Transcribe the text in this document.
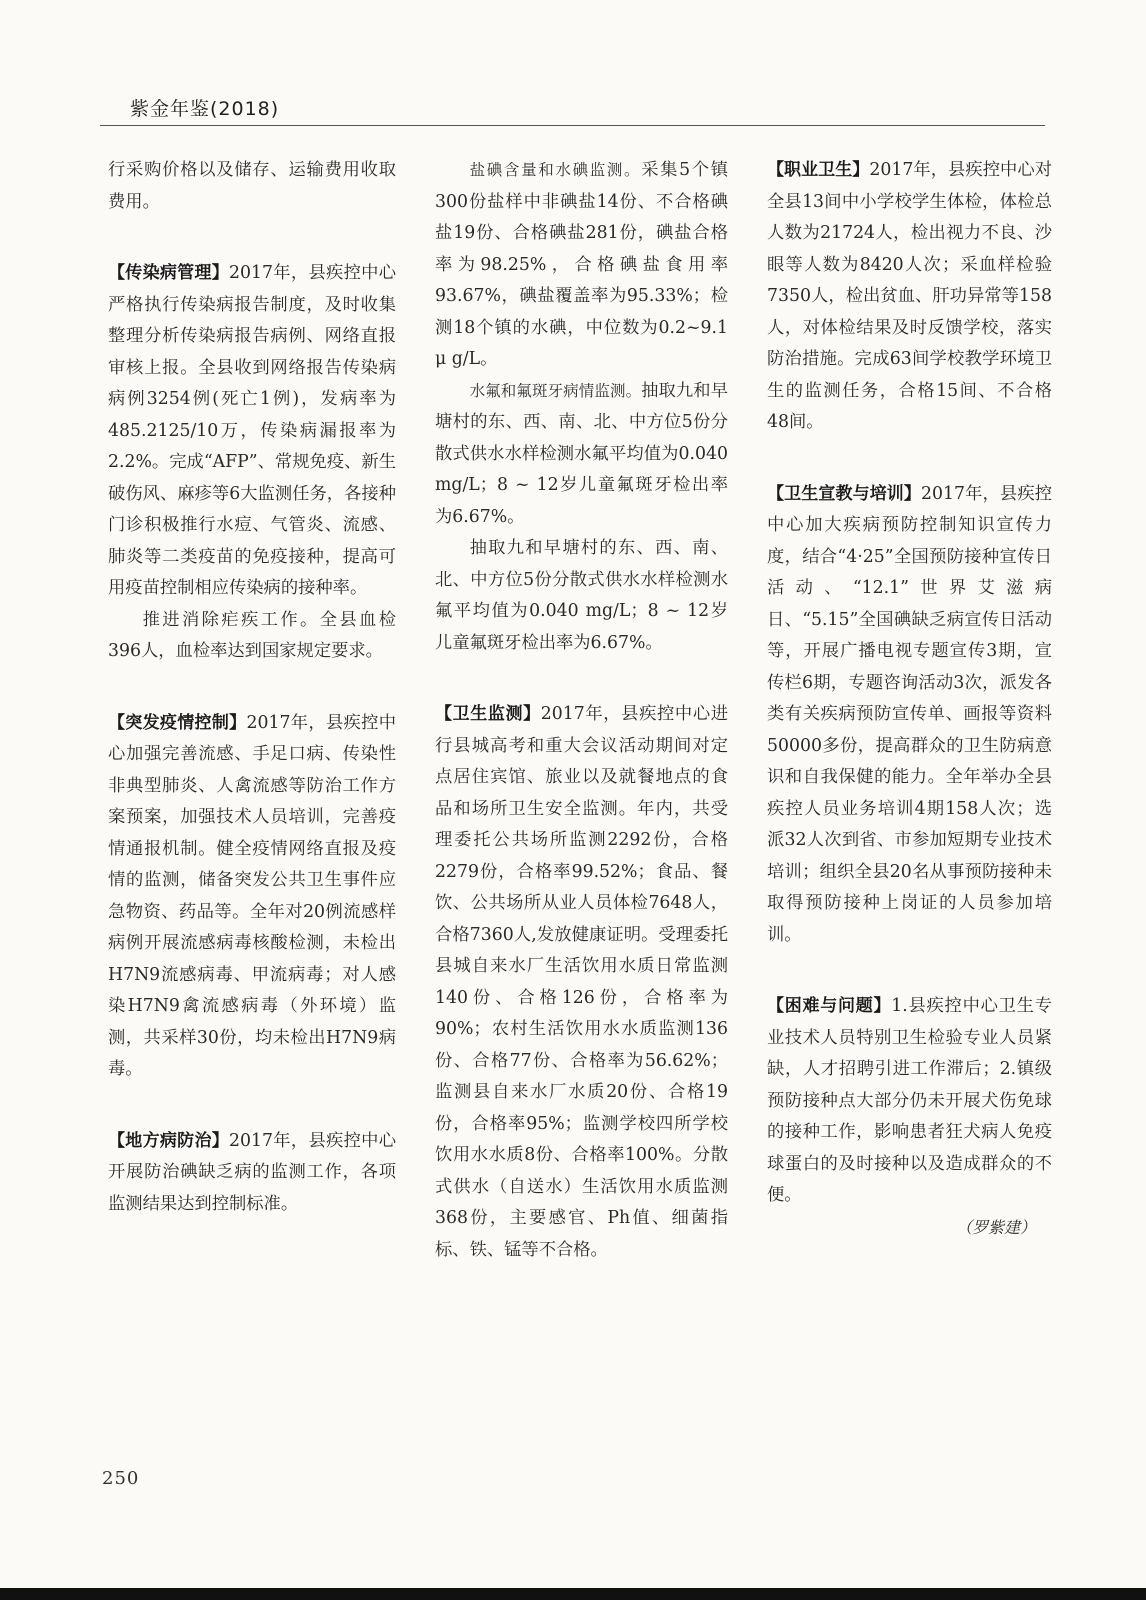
紫金年鉴(2018)

行采购价格以及储存、运输费用收取费用。

【传染病管理】2017年，县疾控中心严格执行传染病报告制度，及时收集整理分析传染病报告病例、网络直报审核上报。全县收到网络报告传染病病例3254例(死亡1例)，发病率为485.2125/10万，传染病漏报率为2.2%。完成“AFP”、常规免疫、新生破伤风、麻疹等6大监测任务，各接种门诊积极推行水痘、气管炎、流感、肺炎等二类疫苗的免疫接种，提高可用疫苗控制相应传染病的接种率。

推进消除疟疾工作。全县血检396人，血检率达到国家规定要求。

【突发疫情控制】2017年，县疾控中心加强完善流感、手足口病、传染性非典型肺炎、人禽流感等防治工作方案预案，加强技术人员培训，完善疫情通报机制。健全疫情网络直报及疫情的监测，储备突发公共卫生事件应急物资、药品等。全年对20例流感样病例开展流感病毒核酸检测，未检出H7N9流感病毒、甲流病毒；对人感染H7N9禽流感病毒（外环境）监测，共采样30份，均未检出H7N9病毒。

【地方病防治】2017年，县疾控中心开展防治碘缺乏病的监测工作，各项监测结果达到控制标准。

盐碘含量和水碘监测。采集5个镇300份盐样中非碘盐14份、不合格碘盐19份、合格碘盐281份，碘盐合格率为98.25%，合格碘盐食用率93.67%，碘盐覆盖率为95.33%；检测18个镇的水碘，中位数为0.2~9.1 μ g/L。

水氟和氟斑牙病情监测。抽取九和早塘村的东、西、南、北、中方位5份分散式供水水样检测水氟平均值为0.040 mg/L；8 ~ 12岁儿童氟斑牙检出率为6.67%。

抽取九和早塘村的东、西、南、北、中方位5份分散式供水水样检测水氟平均值为0.040 mg/L；8 ~ 12岁儿童氟斑牙检出率为6.67%。

【卫生监测】2017年，县疾控中心进行县城高考和重大会议活动期间对定点居住宾馆、旅业以及就餐地点的食品和场所卫生安全监测。年内，共受理委托公共场所监测2292份，合格2279份，合格率99.52%；食品、餐饮、公共场所从业人员体检7648人，合格7360人,发放健康证明。受理委托县城自来水厂生活饮用水质日常监测140份、合格126份，合格率为90%；农村生活饮用水水质监测136份、合格77份、合格率为56.62%；监测县自来水厂水质20份、合格19份，合格率95%；监测学校四所学校饮用水水质8份、合格率100%。分散式供水（自送水）生活饮用水质监测368份，主要感官、Ph值、细菌指标、铁、锰等不合格。

【职业卫生】2017年，县疾控中心对全县13间中小学校学生体检，体检总人数为21724人，检出视力不良、沙眼等人数为8420人次；采血样检验7350人，检出贫血、肝功异常等158人，对体检结果及时反馈学校，落实防治措施。完成63间学校教学环境卫生的监测任务，合格15间、不合格48间。

【卫生宣教与培训】2017年，县疾控中心加大疾病预防控制知识宣传力度，结合“4·25”全国预防接种宣传日活动、“12.1”世界艾滋病日、“5.15”全国碘缺乏病宣传日活动等，开展广播电视专题宣传3期，宣传栏6期，专题咨询活动3次，派发各类有关疾病预防宣传单、画报等资料50000多份，提高群众的卫生防病意识和自我保健的能力。全年举办全县疾控人员业务培训4期158人次；选派32人次到省、市参加短期专业技术培训；组织全县20名从事预防接种未取得预防接种上岗证的人员参加培训。

【困难与问题】1.县疾控中心卫生专业技术人员特别卫生检验专业人员紧缺，人才招聘引进工作滞后；2.镇级预防接种点大部分仍未开展犬伤免球的接种工作，影响患者狂犬病人免疫球蛋白的及时接种以及造成群众的不便。

（罗紫建）

250
